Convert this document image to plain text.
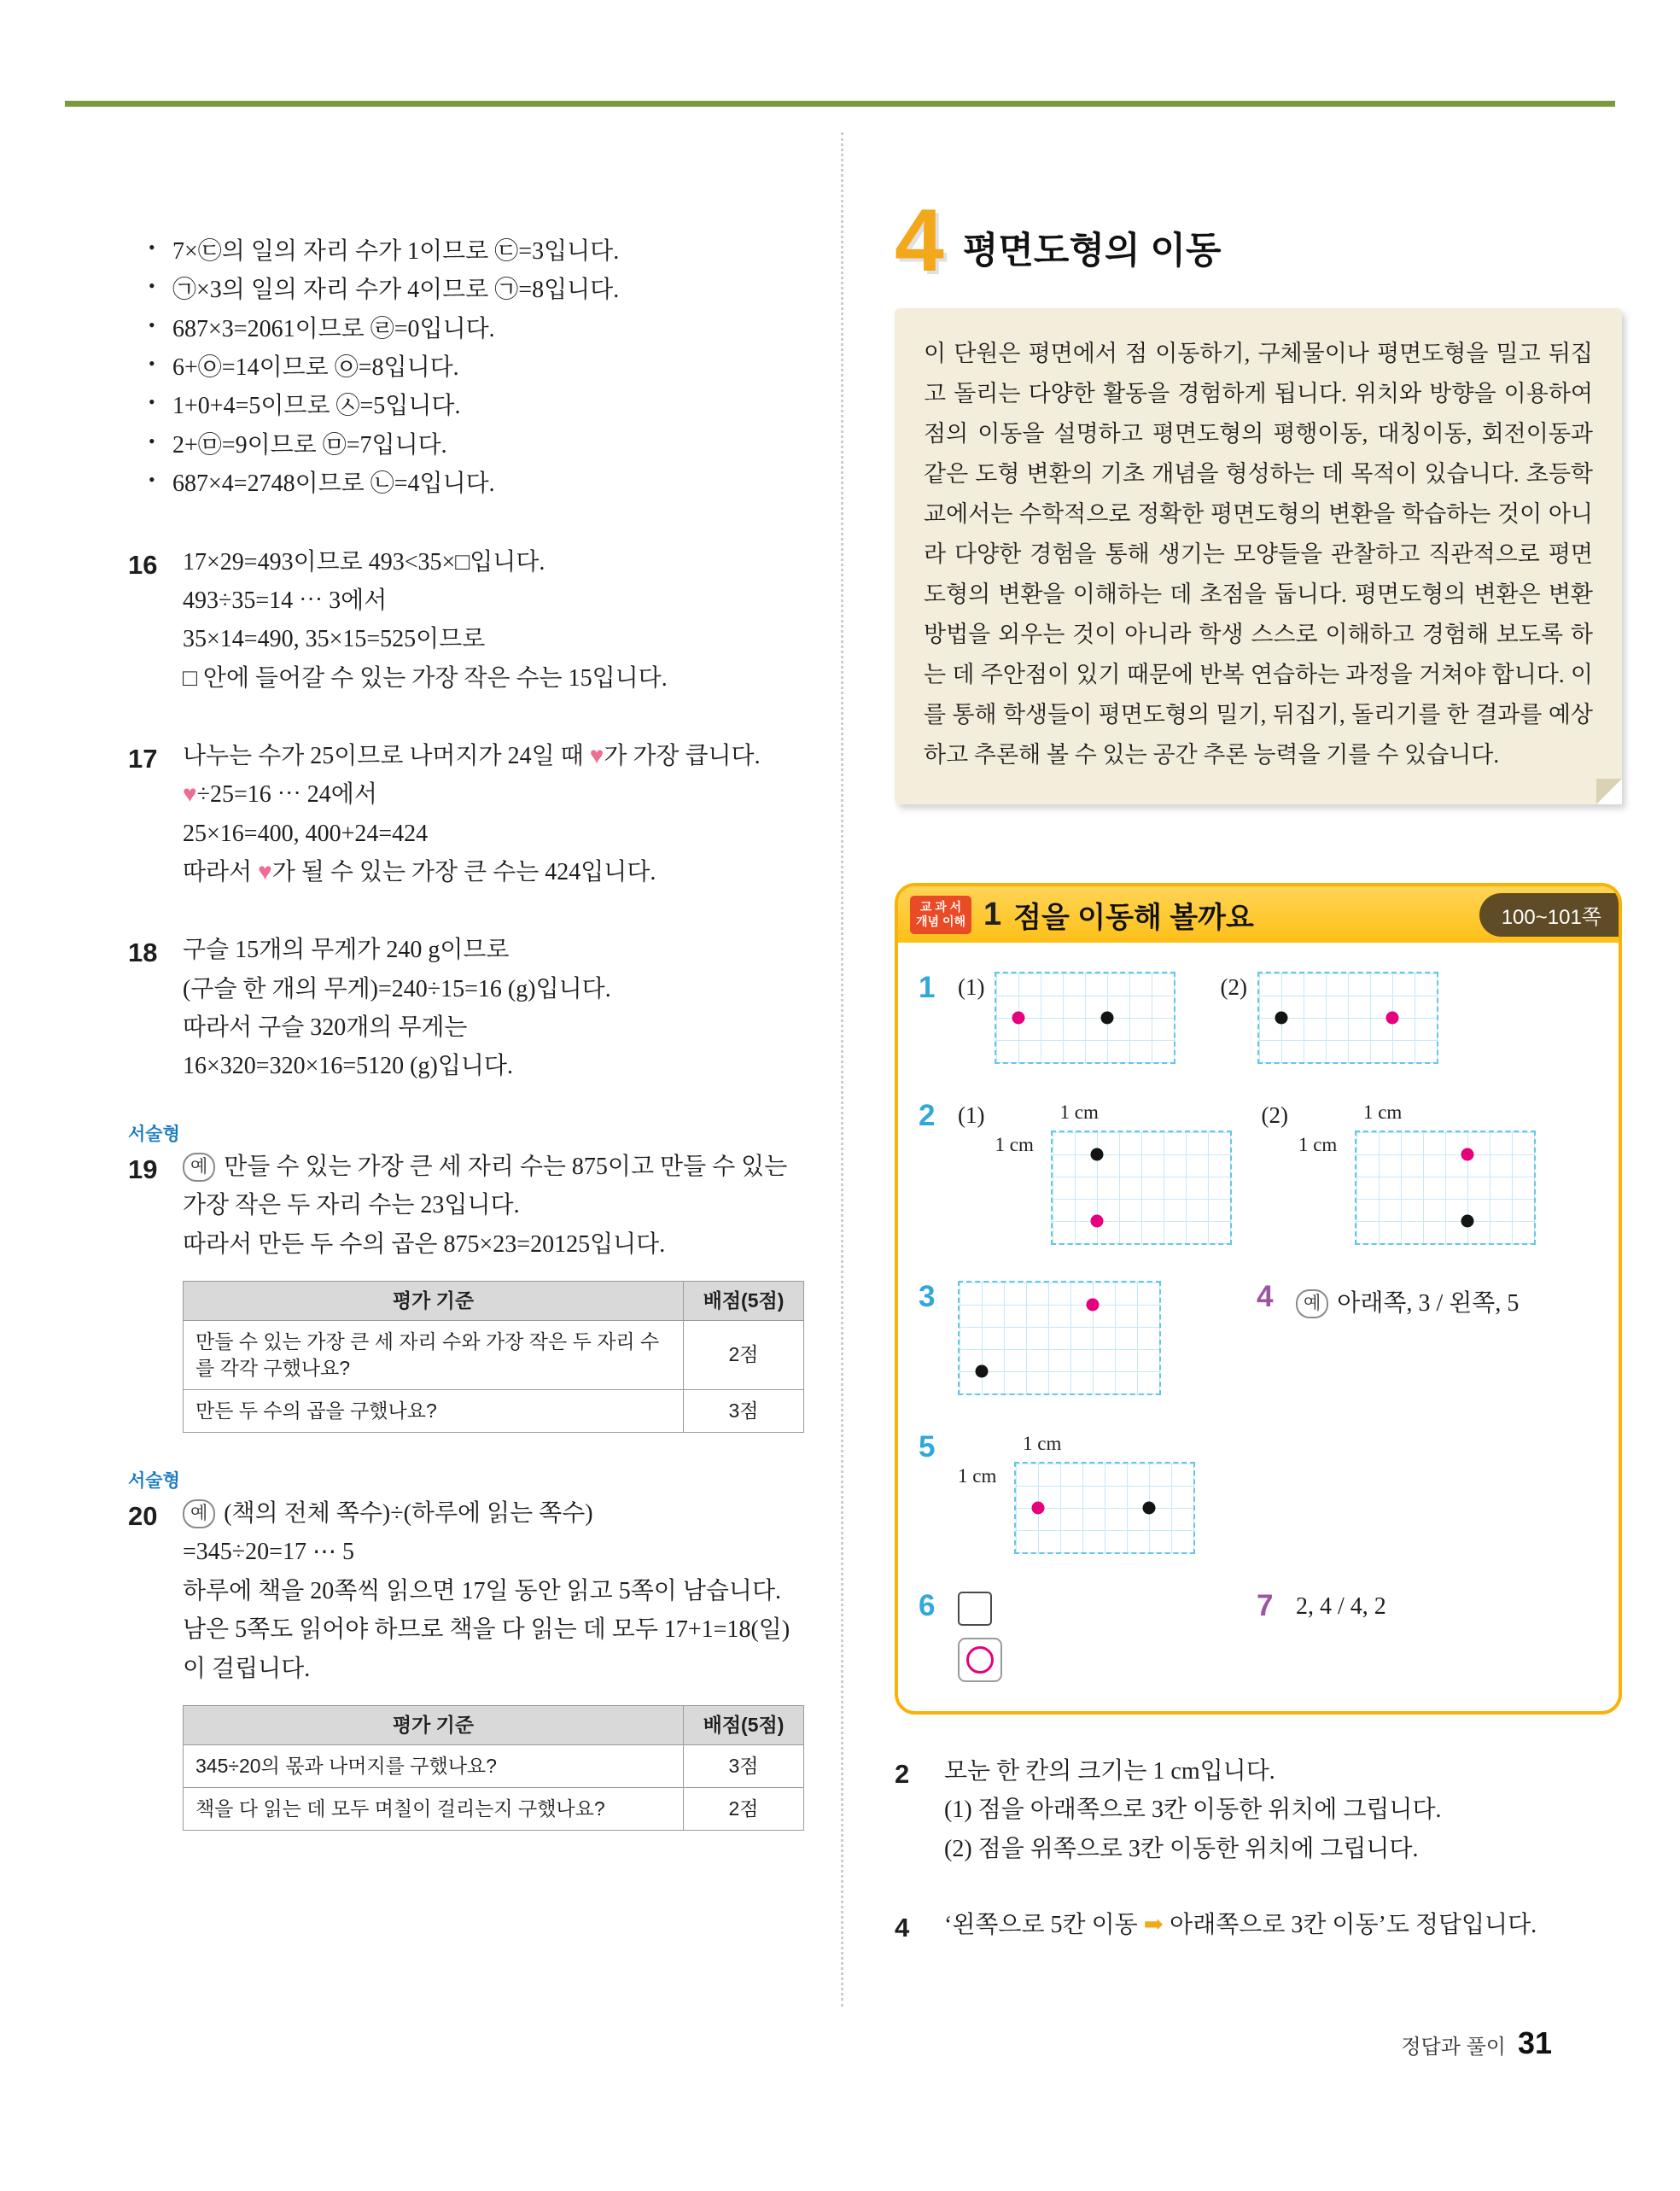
• 7×㉢의 일의 자리 수가 1이므로 ㉢=3입니다.
• ㉠×3의 일의 자리 수가 4이므로 ㉠=8입니다.
• 687×3=2061이므로 ㉣=0입니다.
• 6+㉧=14이므로 ㉧=8입니다.
• 1+0+4=5이므로 ㉦=5입니다.
• 2+㉤=9이므로 ㉤=7입니다.
• 687×4=2748이므로 ㉡=4입니다.
16	17×29=493이므로 493<35×□입니다.

493÷35=14 ⋯ 3에서

35×14=490, 35×15=525이므로

□ 안에 들어갈 수 있는 가장 작은 수는 15입니다.

17	나누는 수가 25이므로 나머지가 24일 때 ♥가 가장 큽니다.

♥÷25=16 ⋯ 24에서

25×16=400, 400+24=424

따라서 ♥가 될 수 있는 가장 큰 수는 424입니다.

18	구슬 15개의 무게가 240 g이므로

(구슬 한 개의 무게)=240÷15=16 (g)입니다.

따라서 구슬 320개의 무게는

16×320=320×16=5120 (g)입니다.

서술형
19	예 만들 수 있는 가장 큰 세 자리 수는 875이고 만들 수 있는 가장 작은 두 자리 수는 23입니다.

따라서 만든 두 수의 곱은 875×23=20125입니다.

평가 기준	배점(5점)
만들 수 있는 가장 큰 세 자리 수와 가장 작은 두 자리 수를 각각 구했나요?	2점
만든 두 수의 곱을 구했나요?	3점
서술형
20	예 (책의 전체 쪽수)÷(하루에 읽는 쪽수)

=345÷20=17 ⋯ 5

하루에 책을 20쪽씩 읽으면 17일 동안 읽고 5쪽이 남습니다. 남은 5쪽도 읽어야 하므로 책을 다 읽는 데 모두 17+1=18(일)이 걸립니다.

평가 기준	배점(5점)
345÷20의 몫과 나머지를 구했나요?	3점
책을 다 읽는 데 모두 며칠이 걸리는지 구했나요?	2점
4 평면도형의 이동
이 단원은 평면에서 점 이동하기, 구체물이나 평면도형을 밀고 뒤집고 돌리는 다양한 활동을 경험하게 됩니다. 위치와 방향을 이용하여 점의 이동을 설명하고 평면도형의 평행이동, 대칭이동, 회전이동과 같은 도형 변환의 기초 개념을 형성하는 데 목적이 있습니다. 초등학교에서는 수학적으로 정확한 평면도형의 변환을 학습하는 것이 아니라 다양한 경험을 통해 생기는 모양들을 관찰하고 직관적으로 평면도형의 변환을 이해하는 데 초점을 둡니다. 평면도형의 변환은 변환 방법을 외우는 것이 아니라 학생 스스로 이해하고 경험해 보도록 하는 데 주안점이 있기 때문에 반복 연습하는 과정을 거쳐야 합니다. 이를 통해 학생들이 평면도형의 밀기, 뒤집기, 돌리기를 한 결과를 예상하고 추론해 볼 수 있는 공간 추론 능력을 기를 수 있습니다.
교 과 서
개념 이해 1 점을 이동해 볼까요	100~101쪽
1 (1)	(2)
2 (1)	1 cm
1 cm
(2)	1 cm
1 cm
3	4	예 아래쪽, 3 / 왼쪽, 5
5	1 cm
1 cm
6	7 2, 4 / 4, 2
2	모눈 한 칸의 크기는 1 cm입니다.

(1) 점을 아래쪽으로 3칸 이동한 위치에 그립니다.

(2) 점을 위쪽으로 3칸 이동한 위치에 그립니다.

4	‘왼쪽으로 5칸 이동 ➡ 아래쪽으로 3칸 이동’도 정답입니다.

정답과 풀이 31
